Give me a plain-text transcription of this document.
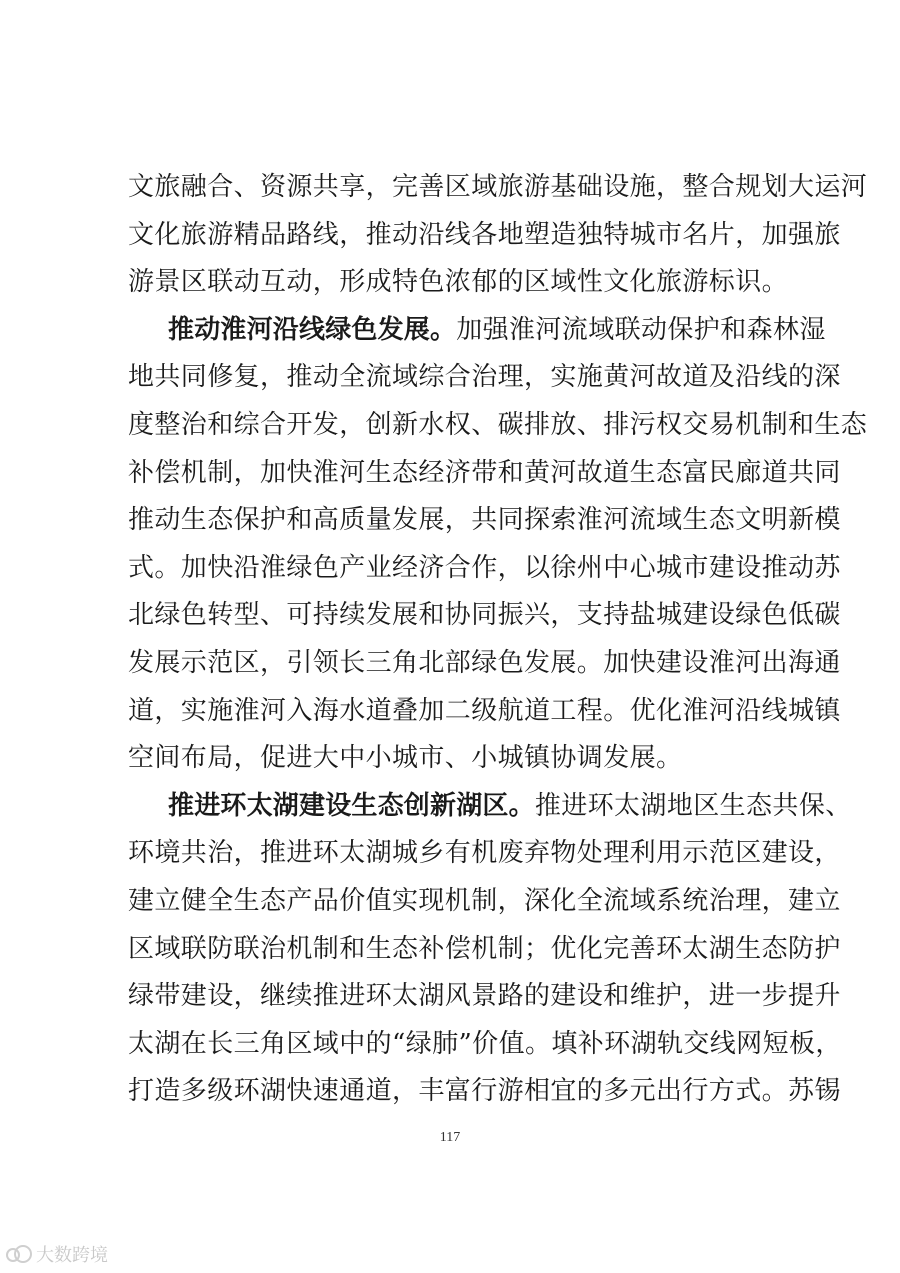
文旅融合、资源共享，完善区域旅游基础设施，整合规划大运河
文化旅游精品路线，推动沿线各地塑造独特城市名片，加强旅
游景区联动互动，形成特色浓郁的区域性文化旅游标识。

推动淮河沿线绿色发展。加强淮河流域联动保护和森林湿
地共同修复，推动全流域综合治理，实施黄河故道及沿线的深
度整治和综合开发，创新水权、碳排放、排污权交易机制和生态
补偿机制，加快淮河生态经济带和黄河故道生态富民廊道共同
推动生态保护和高质量发展，共同探索淮河流域生态文明新模
式。加快沿淮绿色产业经济合作，以徐州中心城市建设推动苏
北绿色转型、可持续发展和协同振兴，支持盐城建设绿色低碳
发展示范区，引领长三角北部绿色发展。加快建设淮河出海通
道，实施淮河入海水道叠加二级航道工程。优化淮河沿线城镇
空间布局，促进大中小城市、小城镇协调发展。

推进环太湖建设生态创新湖区。推进环太湖地区生态共保、
环境共治，推进环太湖城乡有机废弃物处理利用示范区建设，
建立健全生态产品价值实现机制，深化全流域系统治理，建立
区域联防联治机制和生态补偿机制；优化完善环太湖生态防护
绿带建设，继续推进环太湖风景路的建设和维护，进一步提升
太湖在长三角区域中的“绿肺”价值。填补环湖轨交线网短板，
打造多级环湖快速通道，丰富行游相宜的多元出行方式。苏锡

117
大数跨境
